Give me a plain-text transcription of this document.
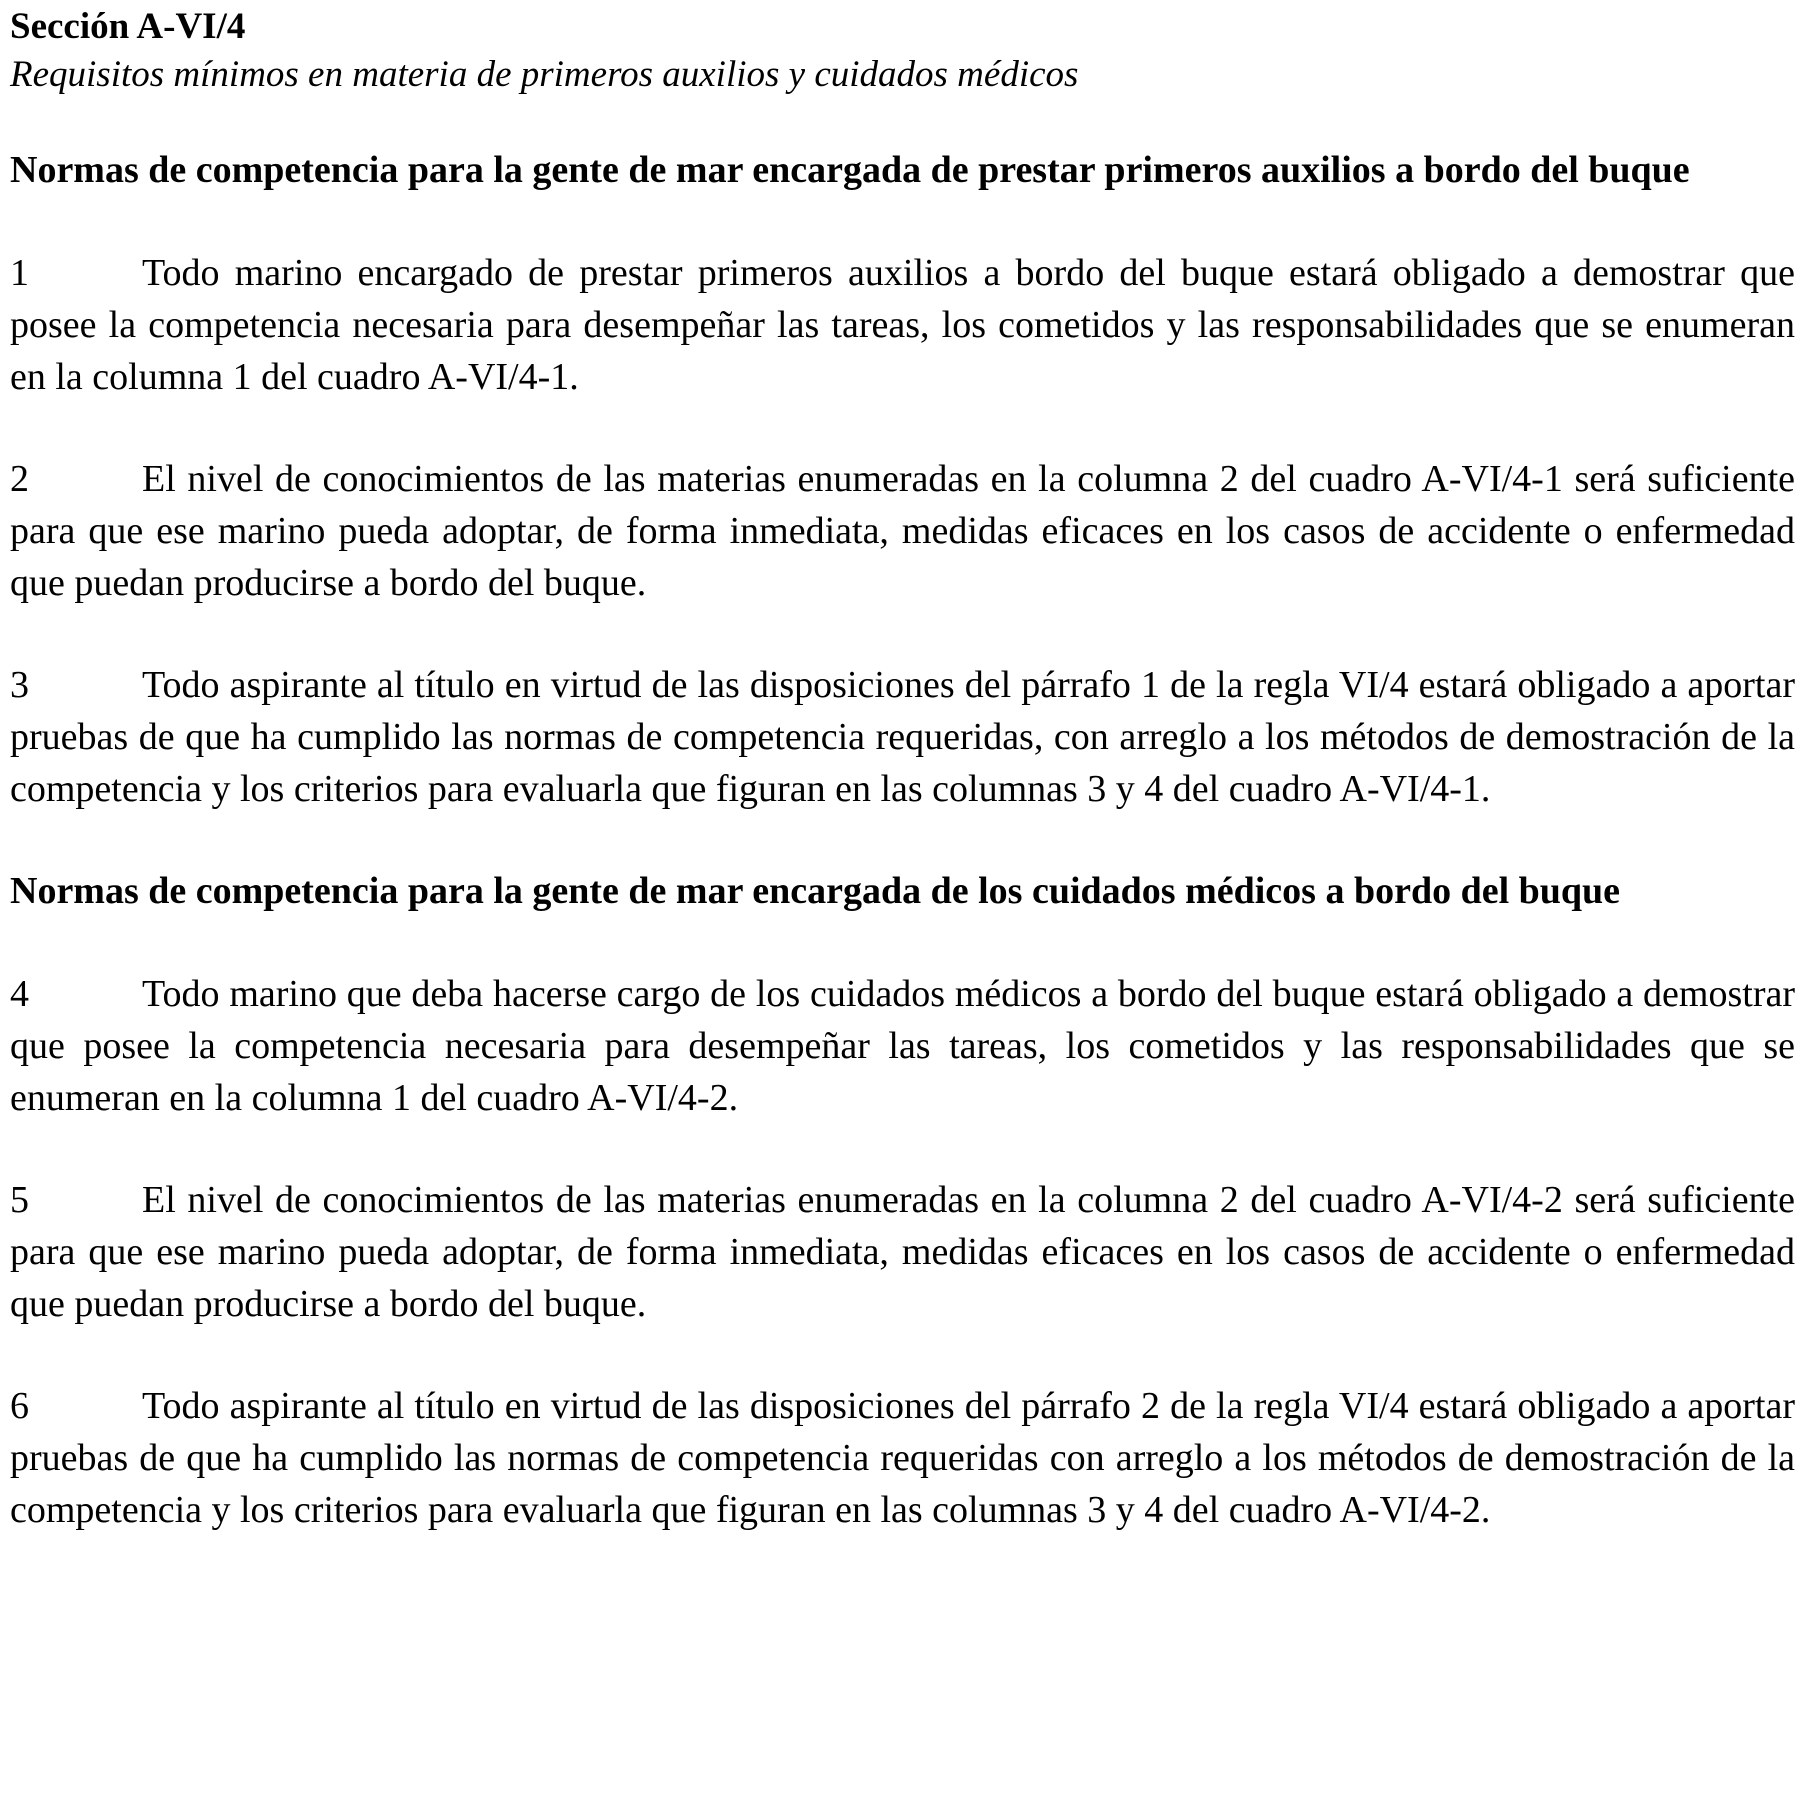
Sección A-VI/4

Requisitos mínimos en materia de primeros auxilios y cuidados médicos

Normas de competencia para la gente de mar encargada de prestar primeros auxilios a bordo del buque

1	Todo marino encargado de prestar primeros auxilios a bordo del buque estará obligado a demostrar que posee la competencia necesaria para desempeñar las tareas, los cometidos y las responsabilidades que se enumeran en la columna 1 del cuadro A-VI/4-1.

2	El nivel de conocimientos de las materias enumeradas en la columna 2 del cuadro A-VI/4-1 será suficiente para que ese marino pueda adoptar, de forma inmediata, medidas eficaces en los casos de accidente o enfermedad que puedan producirse a bordo del buque.

3	Todo aspirante al título en virtud de las disposiciones del párrafo 1 de la regla VI/4 estará obligado a aportar pruebas de que ha cumplido las normas de competencia requeridas, con arreglo a los métodos de demostración de la competencia y los criterios para evaluarla que figuran en las columnas 3 y 4 del cuadro A-VI/4-1.

Normas de competencia para la gente de mar encargada de los cuidados médicos a bordo del buque

4	Todo marino que deba hacerse cargo de los cuidados médicos a bordo del buque estará obligado a demostrar que posee la competencia necesaria para desempeñar las tareas, los cometidos y las responsabilidades que se enumeran en la columna 1 del cuadro A-VI/4-2.

5	El nivel de conocimientos de las materias enumeradas en la columna 2 del cuadro A-VI/4-2 será suficiente para que ese marino pueda adoptar, de forma inmediata, medidas eficaces en los casos de accidente o enfermedad que puedan producirse a bordo del buque.

6	Todo aspirante al título en virtud de las disposiciones del párrafo 2 de la regla VI/4 estará obligado a aportar pruebas de que ha cumplido las normas de competencia requeridas con arreglo a los métodos de demostración de la competencia y los criterios para evaluarla que figuran en las columnas 3 y 4 del cuadro A-VI/4-2.
